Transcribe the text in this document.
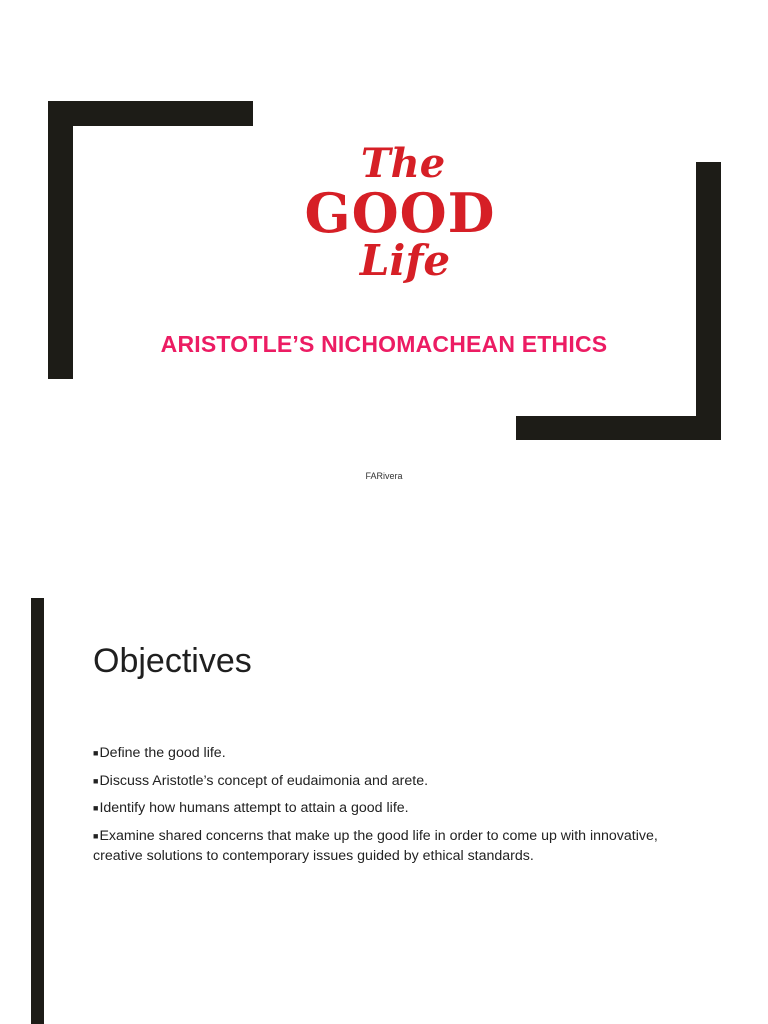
The
GOOD
Life
ARISTOTLE’S NICHOMACHEAN ETHICS
FARivera
Objectives
■Define the good life.
■Discuss Aristotle’s concept of eudaimonia and arete.
■Identify how humans attempt to attain a good life.
■Examine shared concerns that make up the good life in order to come up with innovative, creative solutions to contemporary issues guided by ethical standards.
